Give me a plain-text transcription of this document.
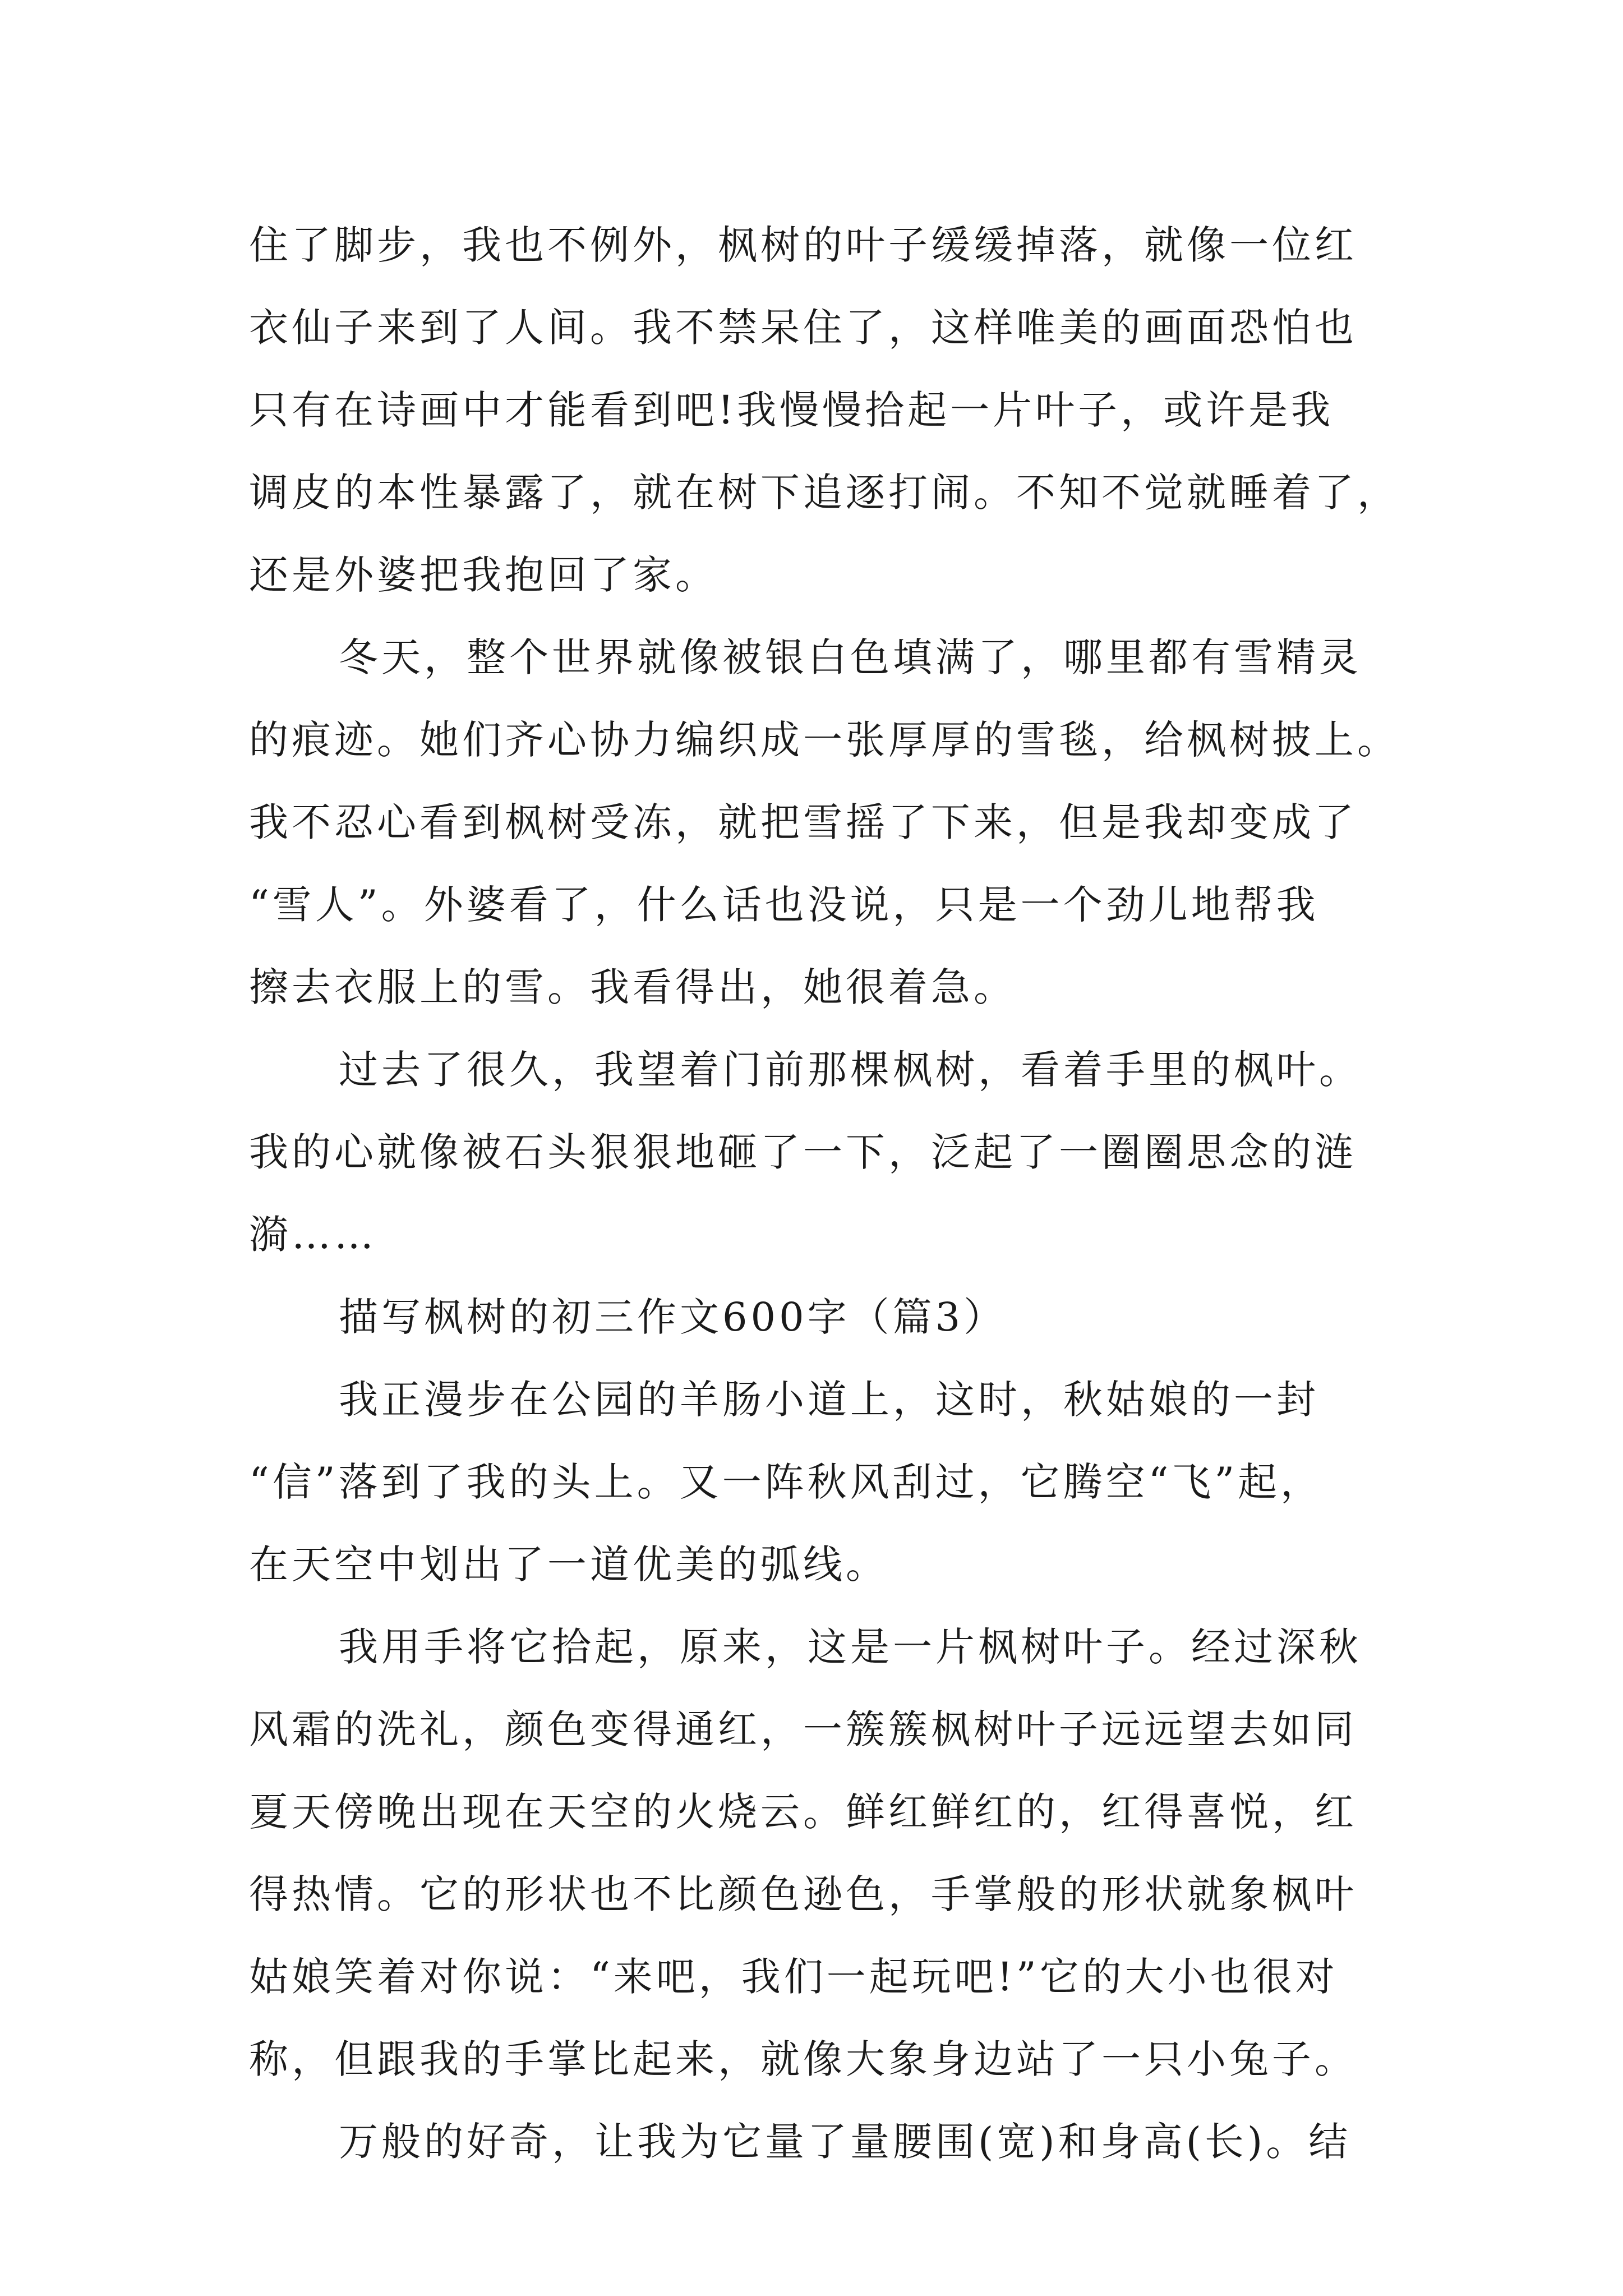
住了脚步，我也不例外，枫树的叶子缓缓掉落，就像一位红
衣仙子来到了人间。我不禁呆住了，这样唯美的画面恐怕也
只有在诗画中才能看到吧!我慢慢拾起一片叶子，或许是我
调皮的本性暴露了，就在树下追逐打闹。不知不觉就睡着了，
还是外婆把我抱回了家。
冬天，整个世界就像被银白色填满了，哪里都有雪精灵
的痕迹。她们齐心协力编织成一张厚厚的雪毯，给枫树披上。
我不忍心看到枫树受冻，就把雪摇了下来，但是我却变成了
“雪人”。外婆看了，什么话也没说，只是一个劲儿地帮我
擦去衣服上的雪。我看得出，她很着急。
过去了很久，我望着门前那棵枫树，看着手里的枫叶。
我的心就像被石头狠狠地砸了一下，泛起了一圈圈思念的涟
漪……
描写枫树的初三作文600字（篇3）
我正漫步在公园的羊肠小道上，这时，秋姑娘的一封
“信”落到了我的头上。又一阵秋风刮过，它腾空“飞”起，
在天空中划出了一道优美的弧线。
我用手将它拾起，原来，这是一片枫树叶子。经过深秋
风霜的洗礼，颜色变得通红，一簇簇枫树叶子远远望去如同
夏天傍晚出现在天空的火烧云。鲜红鲜红的，红得喜悦，红
得热情。它的形状也不比颜色逊色，手掌般的形状就象枫叶
姑娘笑着对你说：“来吧，我们一起玩吧!”它的大小也很对
称，但跟我的手掌比起来，就像大象身边站了一只小兔子。
万般的好奇，让我为它量了量腰围(宽)和身高(长)。结
